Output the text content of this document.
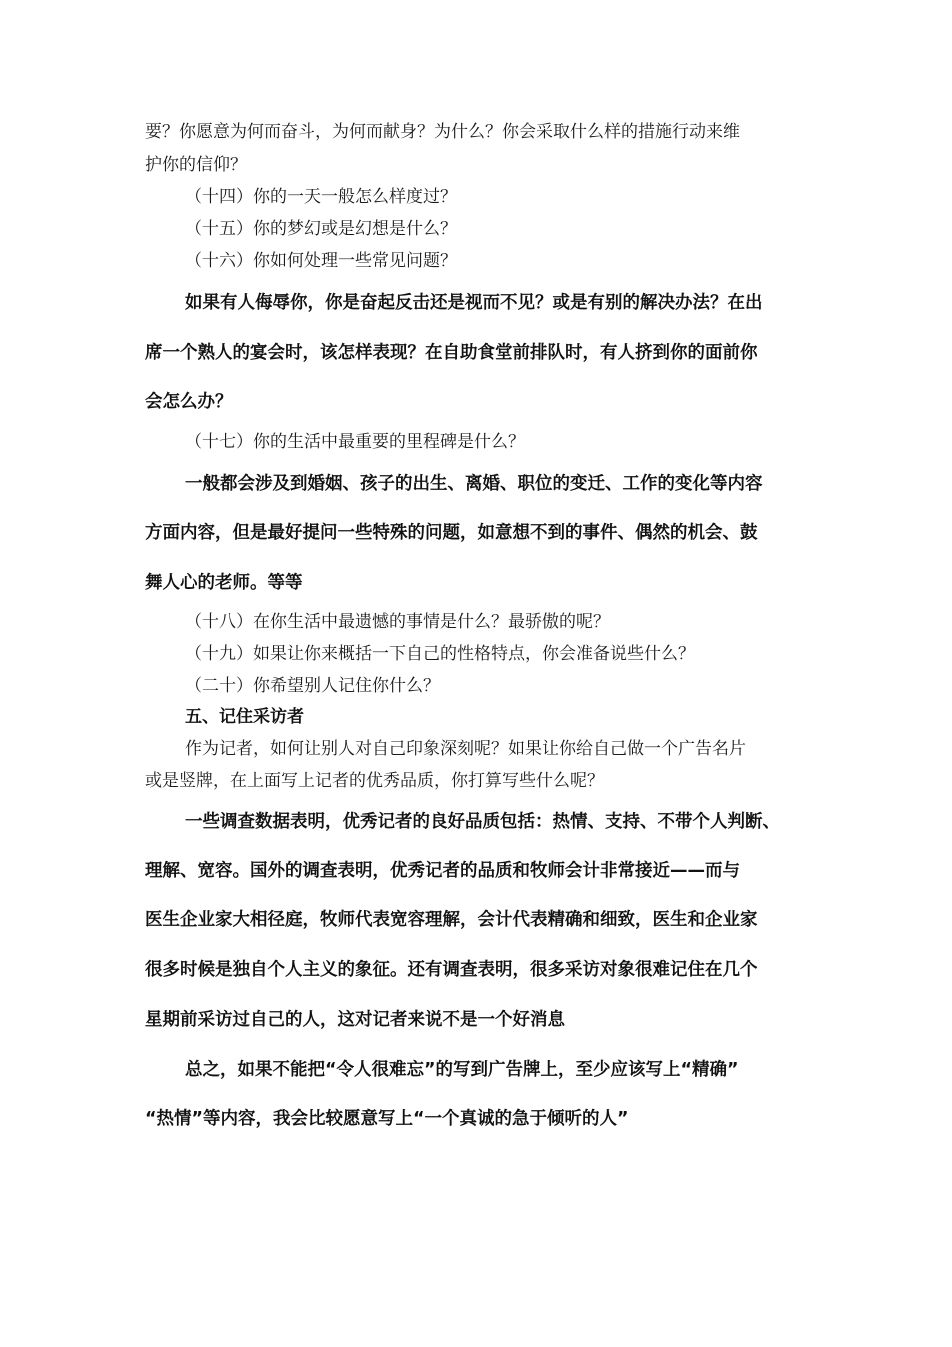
要？你愿意为何而奋斗，为何而献身？为什么？你会采取什么样的措施行动来维

护你的信仰？

（十四）你的一天一般怎么样度过？

（十五）你的梦幻或是幻想是什么？

（十六）你如何处理一些常见问题？

如果有人侮辱你，你是奋起反击还是视而不见？或是有别的解决办法？在出

席一个熟人的宴会时，该怎样表现？在自助食堂前排队时，有人挤到你的面前你

会怎么办？

（十七）你的生活中最重要的里程碑是什么？

一般都会涉及到婚姻、孩子的出生、离婚、职位的变迁、工作的变化等内容

方面内容，但是最好提问一些特殊的问题，如意想不到的事件、偶然的机会、鼓

舞人心的老师。等等

（十八）在你生活中最遗憾的事情是什么？最骄傲的呢？

（十九）如果让你来概括一下自己的性格特点，你会准备说些什么？

（二十）你希望别人记住你什么？

五、记住采访者

作为记者，如何让别人对自己印象深刻呢？如果让你给自己做一个广告名片

或是竖牌，在上面写上记者的优秀品质，你打算写些什么呢？

一些调查数据表明，优秀记者的良好品质包括：热情、支持、不带个人判断、

理解、宽容。国外的调查表明，优秀记者的品质和牧师会计非常接近——而与

医生企业家大相径庭，牧师代表宽容理解，会计代表精确和细致，医生和企业家

很多时候是独自个人主义的象征。还有调查表明，很多采访对象很难记住在几个

星期前采访过自己的人，这对记者来说不是一个好消息

总之，如果不能把“令人很难忘”的写到广告牌上，至少应该写上“精确”

“热情”等内容，我会比较愿意写上“一个真诚的急于倾听的人”
